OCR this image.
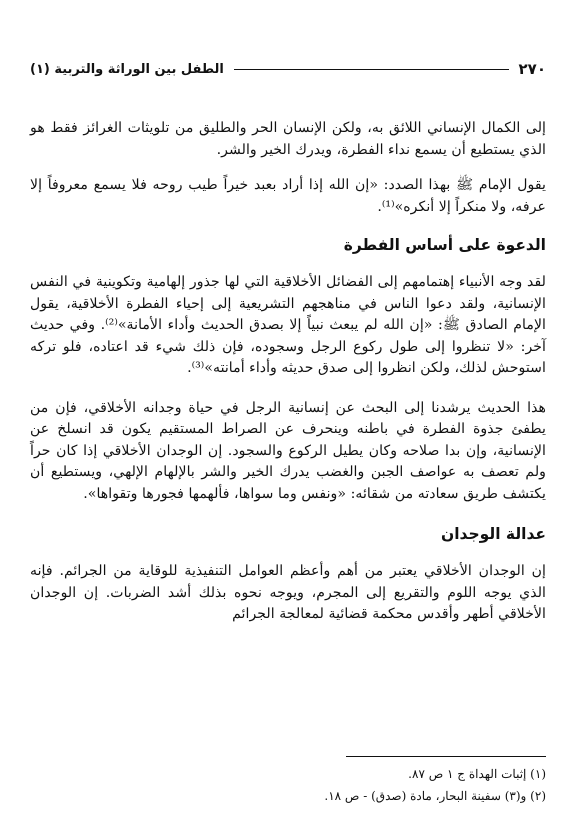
٢٧٠
الطفل بين الوراثة والتربية (١)

إلى الكمال الإنساني اللائق به، ولكن الإنسان الحر والطليق من تلويثات الغرائز فقط هو الذي يستطيع أن يسمع نداء الفطرة، ويدرك الخير والشر.

يقول الإمام ﷺ بهذا الصدد: «إن الله إذا أراد بعبد خيراً طيب روحه فلا يسمع معروفاً إلا عرفه، ولا منكراً إلا أنكره»⁽¹⁾.

الدعوة على أساس الفطرة

لقد وجه الأنبياء إهتمامهم إلى الفضائل الأخلاقية التي لها جذور إلهامية وتكوينية في النفس الإنسانية، ولقد دعوا الناس في مناهجهم التشريعية إلى إحياء الفطرة الأخلاقية، يقول الإمام الصادق ﷺ: «إن الله لم يبعث نبياً إلا بصدق الحديث وأداء الأمانة»⁽²⁾. وفي حديث آخر: «لا تنظروا إلى طول ركوع الرجل وسجوده، فإن ذلك شيء قد اعتاده، فلو تركه استوحش لذلك، ولكن انظروا إلى صدق حديثه وأداء أمانته»⁽³⁾.

هذا الحديث يرشدنا إلى البحث عن إنسانية الرجل في حياة وجدانه الأخلاقي، فإن من يطفئ جذوة الفطرة في باطنه وينحرف عن الصراط المستقيم يكون قد انسلخ عن الإنسانية، وإن بدا صلاحه وكان يطيل الركوع والسجود. إن الوجدان الأخلاقي إذا كان حراً ولم تعصف به عواصف الجبن والغضب يدرك الخير والشر بالإلهام الإلهي، ويستطيع أن يكتشف طريق سعادته من شقائه: «ونفس وما سواها، فألهمها فجورها وتقواها».

عدالة الوجدان

إن الوجدان الأخلاقي يعتبر من أهم وأعظم العوامل التنفيذية للوقاية من الجرائم. فإنه الذي يوجه اللوم والتقريع إلى المجرم، ويوجه نحوه بذلك أشد الضربات. إن الوجدان الأخلاقي أطهر وأقدس محكمة قضائية لمعالجة الجرائم

(١) إثبات الهداة ج ١ ص ٨٧.
(٢) و(٣) سفينة البحار، مادة (صدق) - ص ١٨.
